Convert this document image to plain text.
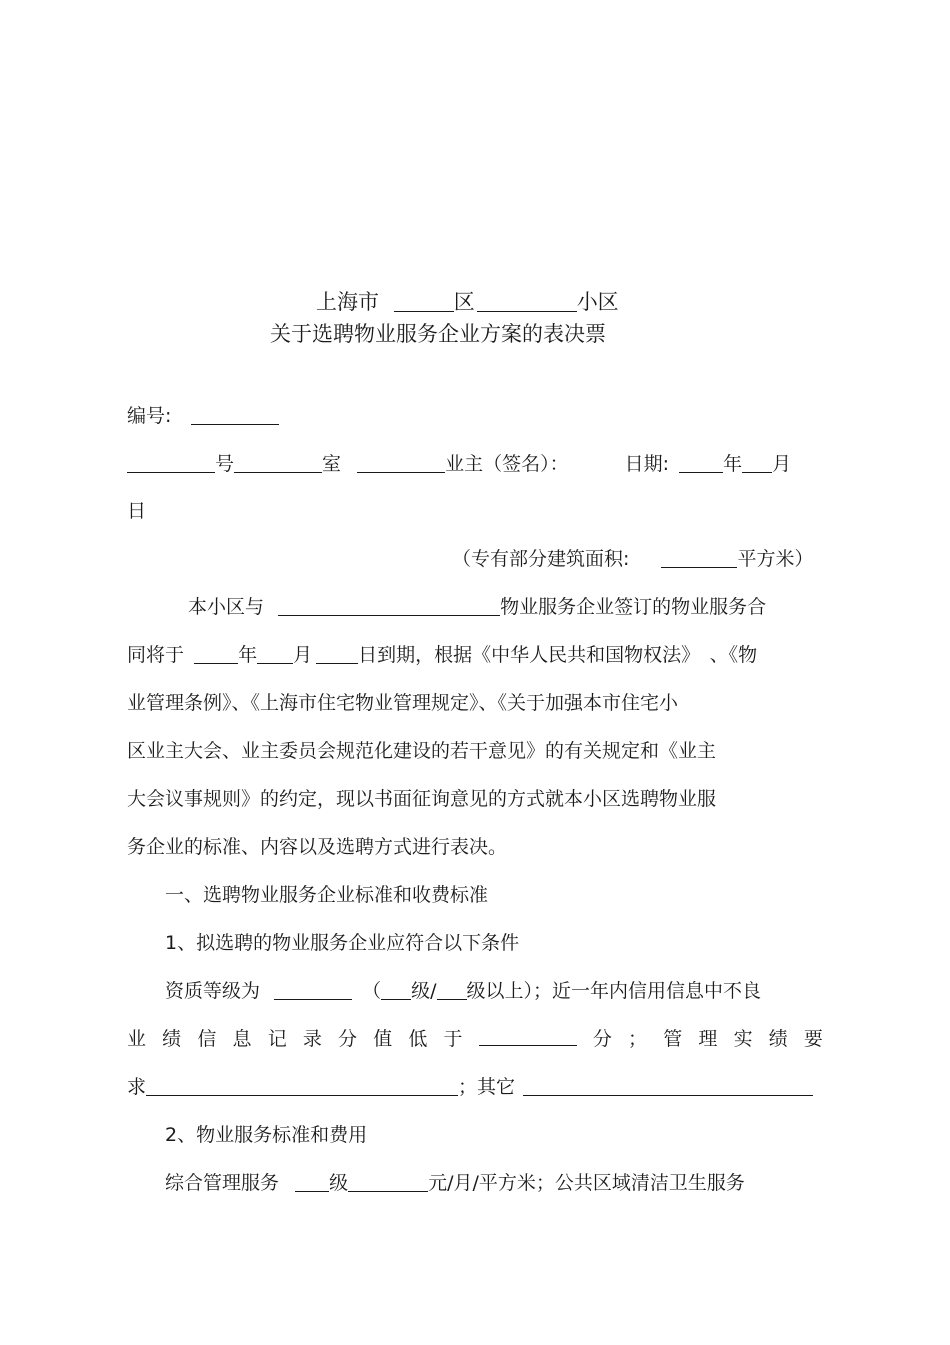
上海市	区	小区
关于选聘物业服务企业方案的表决票
编号:
号	室	业主（签名）：	日期:	年 月
日
（专有部分建筑面积:	平方米）
本小区与	物业服务企业签订的物业服务合
同将于	年 月 日到期，根据《中华人民共和国物权法》　、《物
业管理条例》、《上海市住宅物业管理规定》、《关于加强本市住宅小
区业主大会、业主委员会规范化建设的若干意见》的有关规定和《业主
大会议事规则》的约定，现以书面征询意见的方式就本小区选聘物业服
务企业的标准、内容以及选聘方式进行表决。
一、选聘物业服务企业标准和收费标准
1、拟选聘的物业服务企业应符合以下条件
资质等级为	（ 级/ 级以上）；近一年内信用信息中不良
业 绩 信 息 记 录 分 值 低 于	分 ； 管 理 实 绩 要
求	；其它
2、物业服务标准和费用
综合管理服务	级	元/月/平方米；公共区域清洁卫生服务
